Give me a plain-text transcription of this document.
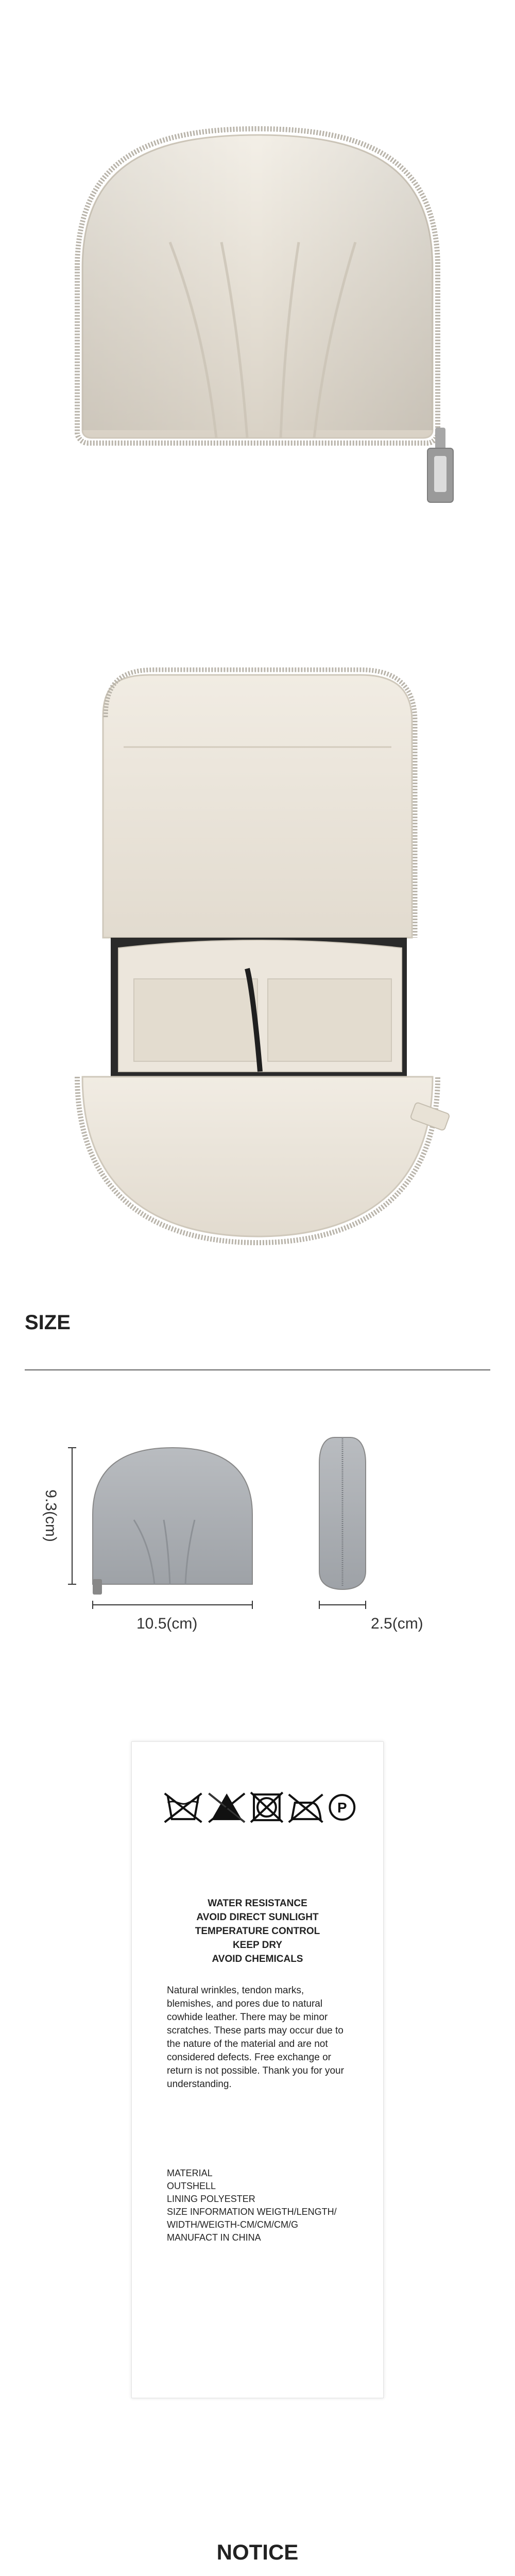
SIZE
9.3(cm)
10.5(cm)	2.5(cm)
P
WATER RESISTANCE
AVOID DIRECT SUNLIGHT
TEMPERATURE CONTROL
KEEP DRY
AVOID CHEMICALS
Natural wrinkles, tendon marks, blemishes, and pores due to natural cowhide leather. There may be minor scratches. These parts may occur due to the nature of the material and are not considered defects. Free exchange or return is not possible. Thank you for your understanding.
MATERIAL
OUTSHELL
LINING POLYESTER
SIZE INFORMATION WEIGTH/LENGTH/
WIDTH/WEIGTH-CM/CM/CM/G
MANUFACT IN CHINA
NOTICE
